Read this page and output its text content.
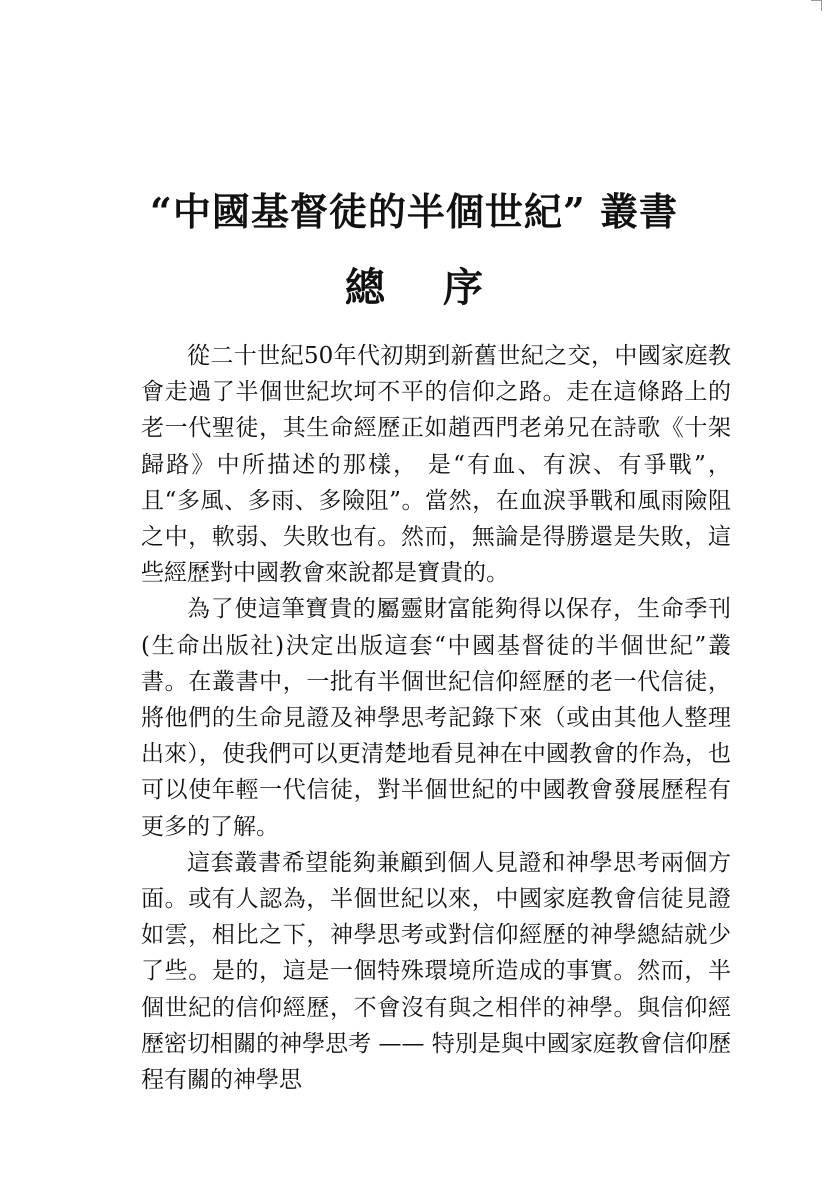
“中國基督徒的半個世紀” 叢書
總 序

從二十世紀50年代初期到新舊世紀之交，中國家庭教會走過了半個世紀坎坷不平的信仰之路。走在這條路上的老一代聖徒，其生命經歷正如趙西門老弟兄在詩歌《十架歸路》中所描述的那樣， 是“有血、有淚、有爭戰”，且“多風、多雨、多險阻”。當然，在血淚爭戰和風雨險阻之中，軟弱、失敗也有。然而，無論是得勝還是失敗，這些經歷對中國教會來說都是寶貴的。

為了使這筆寶貴的屬靈財富能夠得以保存，生命季刊(生命出版社)決定出版這套“中國基督徒的半個世紀”叢書。在叢書中，一批有半個世紀信仰經歷的老一代信徒，將他們的生命見證及神學思考記錄下來（或由其他人整理出來），使我們可以更清楚地看見神在中國教會的作為，也可以使年輕一代信徒，對半個世紀的中國教會發展歷程有更多的了解。

這套叢書希望能夠兼顧到個人見證和神學思考兩個方面。或有人認為，半個世紀以來，中國家庭教會信徒見證如雲，相比之下，神學思考或對信仰經歷的神學總結就少了些。是的，這是一個特殊環境所造成的事實。然而，半個世紀的信仰經歷，不會沒有與之相伴的神學。與信仰經歷密切相關的神學思考 —— 特別是與中國家庭教會信仰歷程有關的神學思
